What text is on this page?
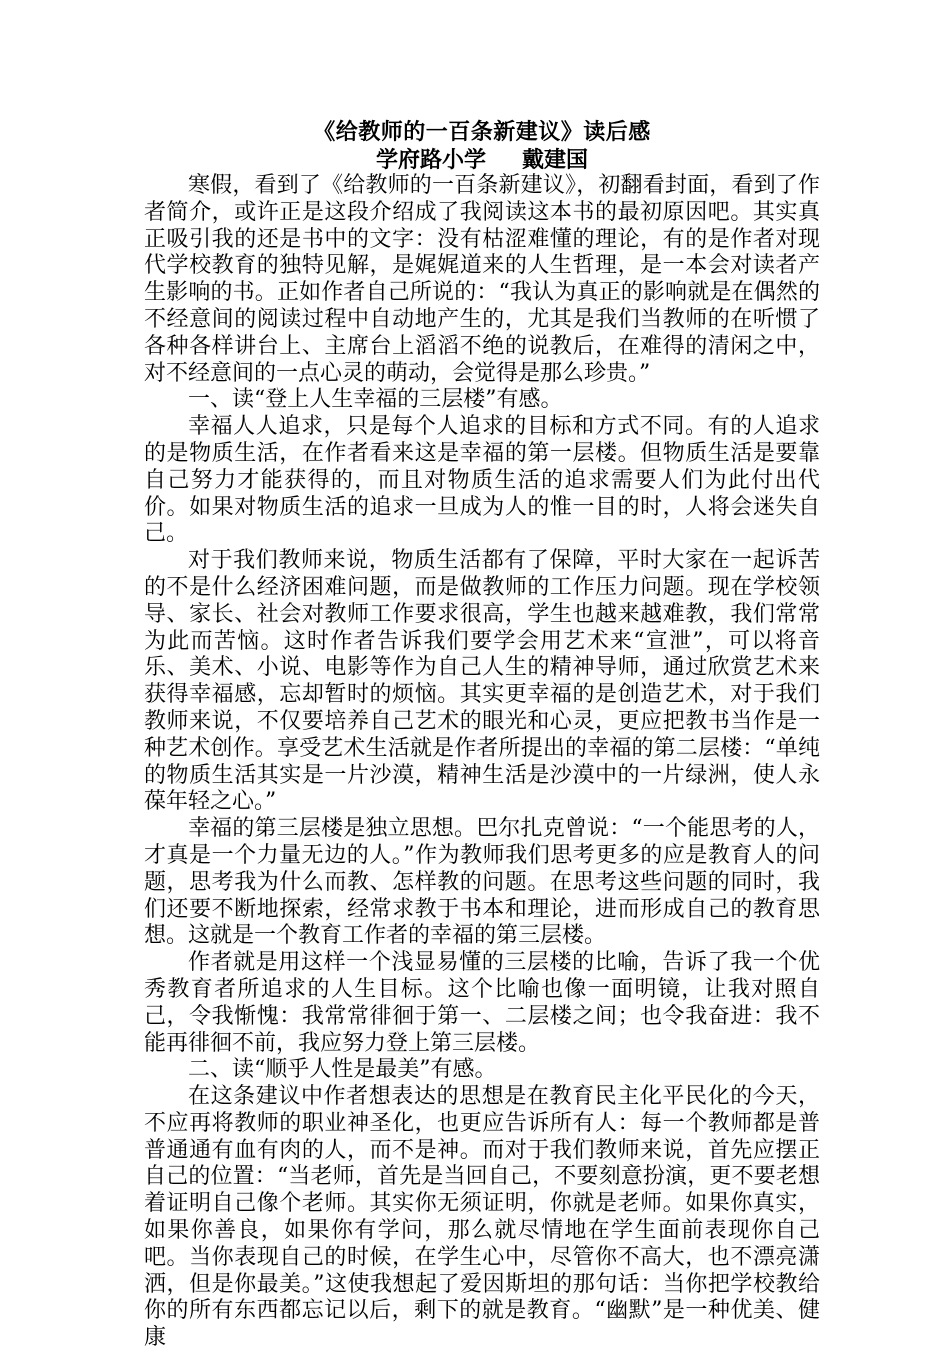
《给教师的一百条新建议》读后感

学府路小学 戴建国

寒假，看到了《给教师的一百条新建议》，初翻看封面，看到了作者简介，或许正是这段介绍成了我阅读这本书的最初原因吧。其实真正吸引我的还是书中的文字：没有枯涩难懂的理论，有的是作者对现代学校教育的独特见解，是娓娓道来的人生哲理，是一本会对读者产生影响的书。正如作者自己所说的：“我认为真正的影响就是在偶然的不经意间的阅读过程中自动地产生的，尤其是我们当教师的在听惯了各种各样讲台上、主席台上滔滔不绝的说教后，在难得的清闲之中，对不经意间的一点心灵的萌动，会觉得是那么珍贵。”

一、读“登上人生幸福的三层楼”有感。

幸福人人追求，只是每个人追求的目标和方式不同。有的人追求的是物质生活，在作者看来这是幸福的第一层楼。但物质生活是要靠自己努力才能获得的，而且对物质生活的追求需要人们为此付出代价。如果对物质生活的追求一旦成为人的惟一目的时，人将会迷失自己。

对于我们教师来说，物质生活都有了保障，平时大家在一起诉苦的不是什么经济困难问题，而是做教师的工作压力问题。现在学校领导、家长、社会对教师工作要求很高，学生也越来越难教，我们常常为此而苦恼。这时作者告诉我们要学会用艺术来“宣泄”，可以将音乐、美术、小说、电影等作为自己人生的精神导师，通过欣赏艺术来获得幸福感，忘却暂时的烦恼。其实更幸福的是创造艺术，对于我们教师来说，不仅要培养自己艺术的眼光和心灵，更应把教书当作是一种艺术创作。享受艺术生活就是作者所提出的幸福的第二层楼：“单纯的物质生活其实是一片沙漠，精神生活是沙漠中的一片绿洲，使人永葆年轻之心。”

幸福的第三层楼是独立思想。巴尔扎克曾说：“一个能思考的人，才真是一个力量无边的人。”作为教师我们思考更多的应是教育人的问题，思考我为什么而教、怎样教的问题。在思考这些问题的同时，我们还要不断地探索，经常求教于书本和理论，进而形成自己的教育思想。这就是一个教育工作者的幸福的第三层楼。

作者就是用这样一个浅显易懂的三层楼的比喻，告诉了我一个优秀教育者所追求的人生目标。这个比喻也像一面明镜，让我对照自己，令我惭愧：我常常徘徊于第一、二层楼之间；也令我奋进：我不能再徘徊不前，我应努力登上第三层楼。

二、读“顺乎人性是最美”有感。

在这条建议中作者想表达的思想是在教育民主化平民化的今天，不应再将教师的职业神圣化，也更应告诉所有人：每一个教师都是普普通通有血有肉的人，而不是神。而对于我们教师来说，首先应摆正自己的位置：“当老师，首先是当回自己，不要刻意扮演，更不要老想着证明自己像个老师。其实你无须证明，你就是老师。如果你真实，如果你善良，如果你有学问，那么就尽情地在学生面前表现你自己吧。当你表现自己的时候，在学生心中，尽管你不高大，也不漂亮潇洒，但是你最美。”这使我想起了爱因斯坦的那句话：当你把学校教给你的所有东西都忘记以后，剩下的就是教育。“幽默”是一种优美、健康
